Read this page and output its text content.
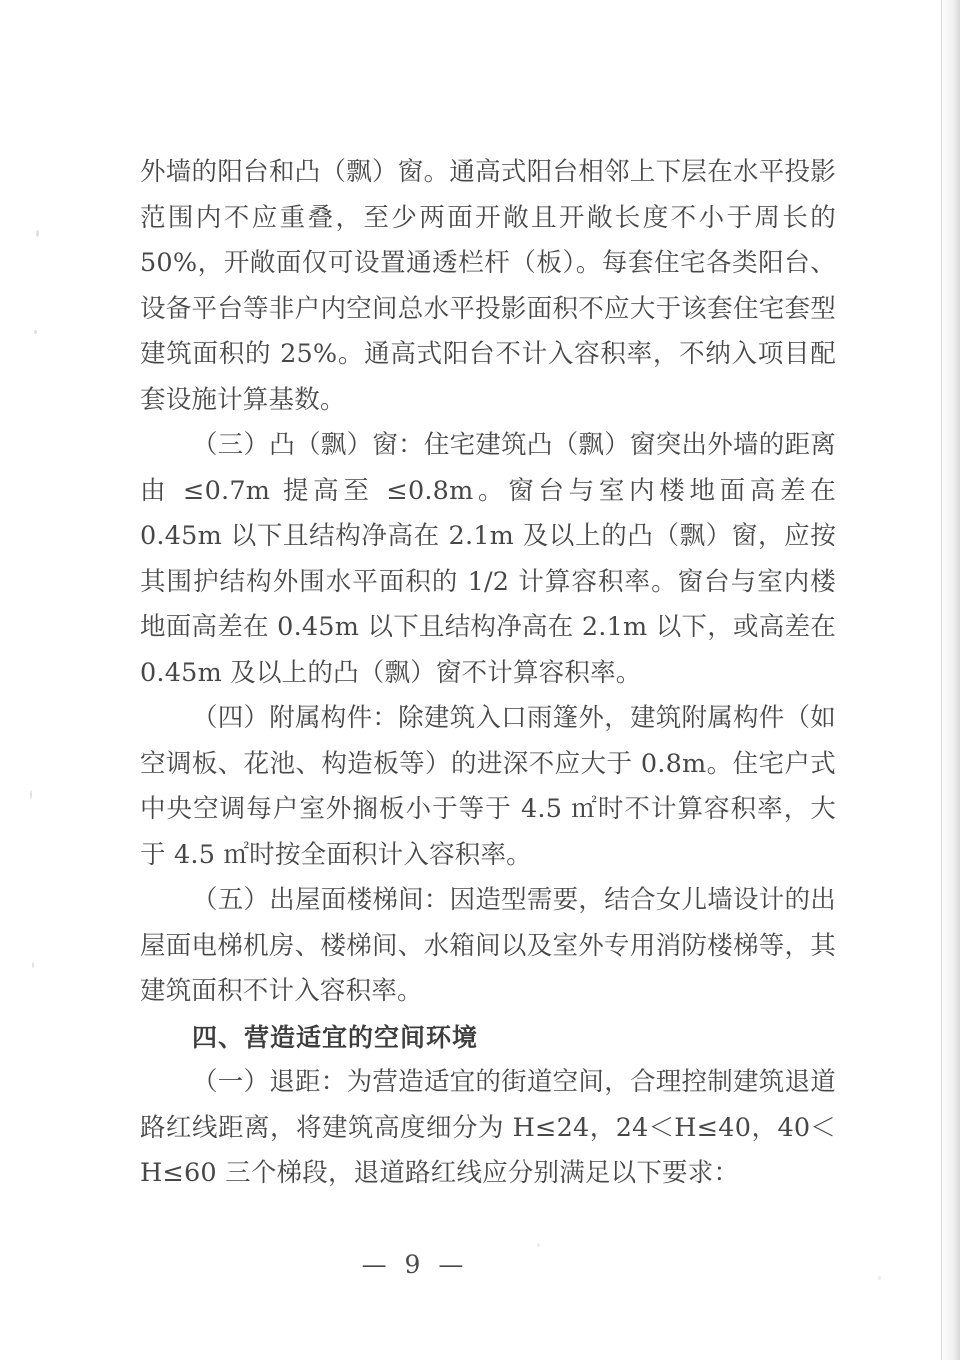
外墙的阳台和凸（飘）窗。通高式阳台相邻上下层在水平投影范围内不应重叠，至少两面开敞且开敞长度不小于周长的 50%，开敞面仅可设置通透栏杆（板）。每套住宅各类阳台、设备平台等非户内空间总水平投影面积不应大于该套住宅套型建筑面积的 25%。通高式阳台不计入容积率，不纳入项目配套设施计算基数。

（三）凸（飘）窗：住宅建筑凸（飘）窗突出外墙的距离由 ≤0.7m 提高至 ≤0.8m。窗台与室内楼地面高差在 0.45m 以下且结构净高在 2.1m 及以上的凸（飘）窗，应按其围护结构外围水平面积的 1/2 计算容积率。窗台与室内楼地面高差在 0.45m 以下且结构净高在 2.1m 以下，或高差在 0.45m 及以上的凸（飘）窗不计算容积率。

（四）附属构件：除建筑入口雨篷外，建筑附属构件（如空调板、花池、构造板等）的进深不应大于 0.8m。住宅户式中央空调每户室外搁板小于等于 4.5 ㎡时不计算容积率，大于 4.5 ㎡时按全面积计入容积率。

（五）出屋面楼梯间：因造型需要，结合女儿墙设计的出屋面电梯机房、楼梯间、水箱间以及室外专用消防楼梯等，其建筑面积不计入容积率。

四、营造适宜的空间环境

（一）退距：为营造适宜的街道空间，合理控制建筑退道路红线距离，将建筑高度细分为 H≤24，24＜H≤40，40＜H≤60 三个梯段，退道路红线应分别满足以下要求：

— 9 —
